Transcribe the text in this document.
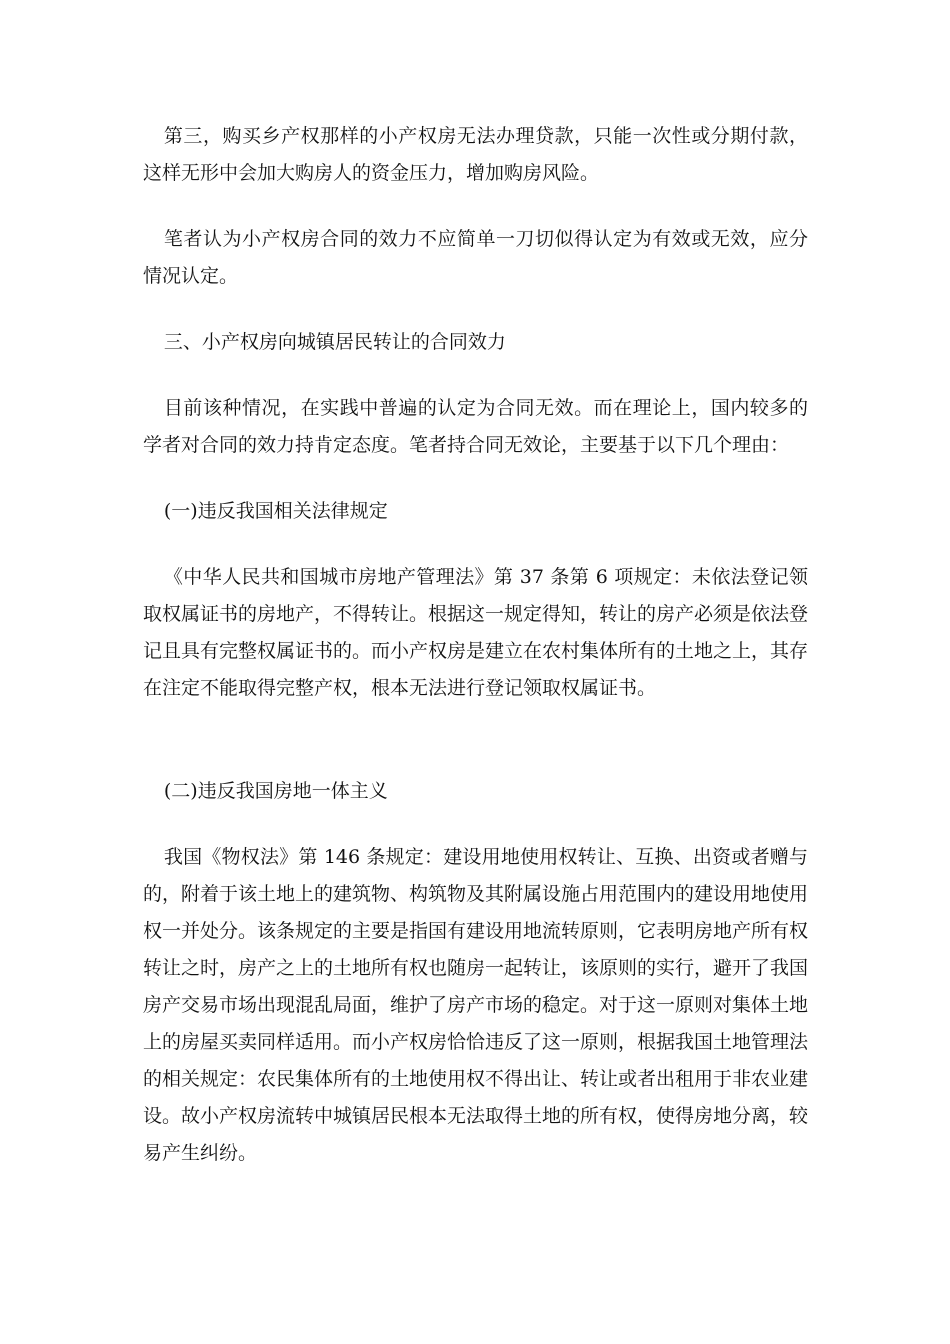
第三，购买乡产权那样的小产权房无法办理贷款，只能一次性或分期付款，这样无形中会加大购房人的资金压力，增加购房风险。

笔者认为小产权房合同的效力不应简单一刀切似得认定为有效或无效，应分情况认定。

三、小产权房向城镇居民转让的合同效力

目前该种情况，在实践中普遍的认定为合同无效。而在理论上，国内较多的学者对合同的效力持肯定态度。笔者持合同无效论，主要基于以下几个理由：

(一)违反我国相关法律规定

《中华人民共和国城市房地产管理法》第 37 条第 6 项规定：未依法登记领取权属证书的房地产，不得转让。根据这一规定得知，转让的房产必须是依法登记且具有完整权属证书的。而小产权房是建立在农村集体所有的土地之上，其存在注定不能取得完整产权，根本无法进行登记领取权属证书。

(二)违反我国房地一体主义

我国《物权法》第 146 条规定：建设用地使用权转让、互换、出资或者赠与的，附着于该土地上的建筑物、构筑物及其附属设施占用范围内的建设用地使用权一并处分。该条规定的主要是指国有建设用地流转原则，它表明房地产所有权转让之时，房产之上的土地所有权也随房一起转让，该原则的实行，避开了我国房产交易市场出现混乱局面，维护了房产市场的稳定。对于这一原则对集体土地上的房屋买卖同样适用。而小产权房恰恰违反了这一原则，根据我国土地管理法的相关规定：农民集体所有的土地使用权不得出让、转让或者出租用于非农业建设。故小产权房流转中城镇居民根本无法取得土地的所有权，使得房地分离，较易产生纠纷。
